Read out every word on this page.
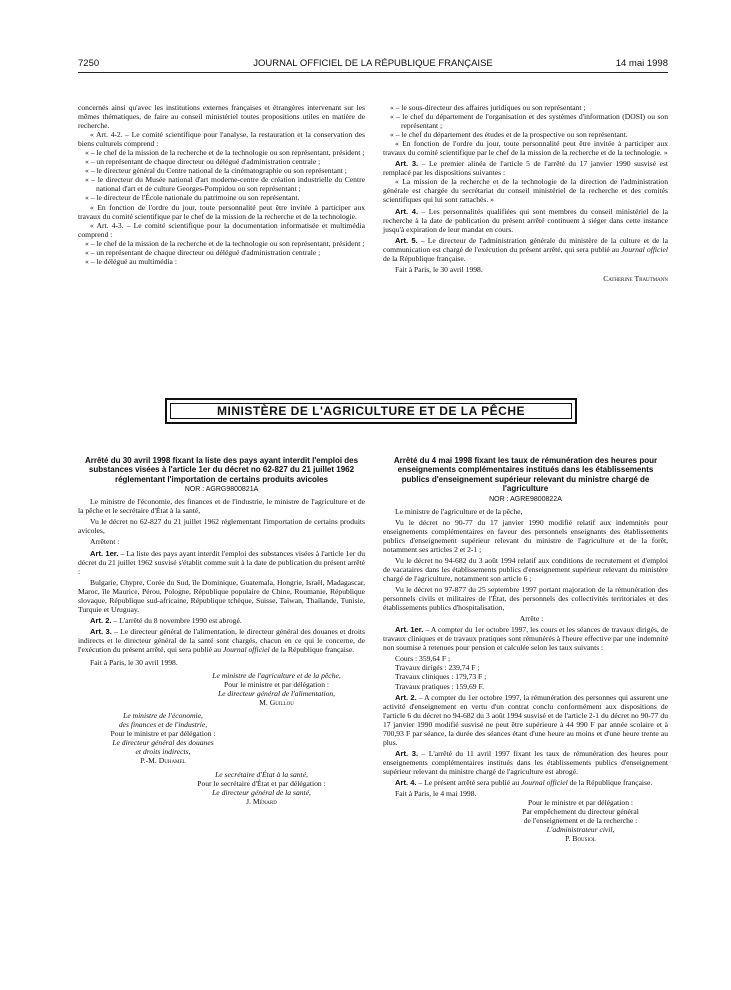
7250	JOURNAL OFFICIEL DE LA RÉPUBLIQUE FRANÇAISE	14 mai 1998

concernés ainsi qu'avec les institutions externes françaises et étrangères intervenant sur les mêmes thématiques, de faire au conseil ministériel toutes propositions utiles en matière de recherche.

« Art. 4-2. – Le comité scientifique pour l'analyse, la restauration et la conservation des biens culturels comprend :

« – le chef de la mission de la recherche et de la technologie ou son représentant, président ;

« – un représentant de chaque directeur ou délégué d'administration centrale ;

« – le directeur général du Centre national de la cinématographie ou son représentant ;

« – le directeur du Musée national d'art moderne-centre de création industrielle du Centre national d'art et de culture Georges-Pompidou ou son représentant ;

« – le directeur de l'École nationale du patrimoine ou son représentant.

« En fonction de l'ordre du jour, toute personnalité peut être invitée à participer aux travaux du comité scientifique par le chef de la mission de la recherche et de la technologie.

« Art. 4-3. – Le comité scientifique pour la documentation informatisée et multimédia comprend :

« – le chef de la mission de la recherche et de la technologie ou son représentant, président ;

« – un représentant de chaque directeur ou délégué d'administration centrale ;

« – le délégué au multimédia :

« – le sous-directeur des affaires juridiques ou son représentant ;

« – le chef du département de l'organisation et des systèmes d'information (DOSI) ou son représentant ;

« – le chef du département des études et de la prospective ou son représentant.

« En fonction de l'ordre du jour, toute personnalité peut être invitée à participer aux travaux du comité scientifique par le chef de la mission de la recherche et de la technologie. »

Art. 3. – Le premier alinéa de l'article 5 de l'arrêté du 17 janvier 1990 susvisé est remplacé par les dispositions suivantes :

« La mission de la recherche et de la technologie de la direction de l'administration générale est chargée du secrétariat du conseil ministériel de la recherche et des comités scientifiques qui lui sont rattachés. »

Art. 4. – Les personnalités qualifiées qui sont membres du conseil ministériel de la recherche à la date de publication du présent arrêté continuent à siéger dans cette instance jusqu'à expiration de leur mandat en cours.

Art. 5. – Le directeur de l'administration générale du ministère de la culture et de la communication est chargé de l'exécution du présent arrêté, qui sera publié au Journal officiel de la République française.

Fait à Paris, le 30 avril 1998.

Catherine Trautmann

MINISTÈRE DE L'AGRICULTURE ET DE LA PÊCHE
Arrêté du 30 avril 1998 fixant la liste des pays ayant interdit l'emploi des substances visées à l'article 1er du décret no 62-827 du 21 juillet 1962 réglementant l'importation de certains produits avicoles
NOR : AGRG9800821A

Le ministre de l'économie, des finances et de l'industrie, le ministre de l'agriculture et de la pêche et le secrétaire d'État à la santé,

Vu le décret no 62-827 du 21 juillet 1962 réglementant l'importation de certains produits avicoles,

Arrêtent :

Art. 1er. – La liste des pays ayant interdit l'emploi des substances visées à l'article 1er du décret du 21 juillet 1962 susvisé s'établit comme suit à la date de publication du présent arrêté :

Bulgarie, Chypre, Corée du Sud, île Dominique, Guatemala, Hongrie, Israël, Madagascar, Maroc, île Maurice, Pérou, Pologne, République populaire de Chine, Roumanie, République slovaque, République sud-africaine, République tchèque, Suisse, Taïwan, Thaïlande, Tunisie, Turquie et Uruguay.

Art. 2. – L'arrêté du 8 novembre 1990 est abrogé.

Art. 3. – Le directeur général de l'alimentation, le directeur général des douanes et droits indirects et le directeur général de la santé sont chargés, chacun en ce qui le concerne, de l'exécution du présent arrêté, qui sera publié au Journal officiel de la République française.

Fait à Paris, le 30 avril 1998.

Le ministre de l'agriculture et de la pêche,

Pour le ministre et par délégation :

Le directeur général de l'alimentation,

M. Guillou

Le ministre de l'économie,

des finances et de l'industrie,

Pour le ministre et par délégation :

Le directeur général des douanes

et droits indirects,

P.-M. Duhamel

Le secrétaire d'État à la santé,

Pour le secrétaire d'État et par délégation :

Le directeur général de la santé,

J. Ménard

Arrêté du 4 mai 1998 fixant les taux de rémunération des heures pour enseignements complémentaires institués dans les établissements publics d'enseignement supérieur relevant du ministre chargé de l'agriculture
NOR : AGRE9800822A

Le ministre de l'agriculture et de la pêche,

Vu le décret no 90-77 du 17 janvier 1990 modifié relatif aux indemnités pour enseignements complémentaires en faveur des personnels enseignants des établissements publics d'enseignement supérieur relevant du ministre de l'agriculture et de la forêt, notamment ses articles 2 et 2-1 ;

Vu le décret no 94-682 du 3 août 1994 relatif aux conditions de recrutement et d'emploi de vacataires dans les établissements publics d'enseignement supérieur relevant du ministère chargé de l'agriculture, notamment son article 6 ;

Vu le décret no 97-877 du 25 septembre 1997 portant majoration de la rémunération des personnels civils et militaires de l'État, des personnels des collectivités territoriales et des établissements publics d'hospitalisation,

Arrête :

Art. 1er. – A compter du 1er octobre 1997, les cours et les séances de travaux dirigés, de travaux cliniques et de travaux pratiques sont rémunérés à l'heure effective par une indemnité non soumise à retenues pour pension et calculée selon les taux suivants :

Cours : 359,64 F ;

Travaux dirigés : 239,74 F ;

Travaux cliniques : 179,73 F ;

Travaux pratiques : 159,69 F.

Art. 2. – A compter du 1er octobre 1997, la rémunération des personnes qui assurent une activité d'enseignement en vertu d'un contrat conclu conformément aux dispositions de l'article 6 du décret no 94-682 du 3 août 1994 susvisé et de l'article 2-1 du décret no 90-77 du 17 janvier 1990 modifié susvisé ne peut être supérieure à 44 990 F par année scolaire et à 700,93 F par séance, la durée des séances étant d'une heure au moins et d'une heure trente au plus.

Art. 3. – L'arrêté du 11 avril 1997 fixant les taux de rémunération des heures pour enseignements complémentaires institués dans les établissements publics d'enseignement supérieur relevant du ministre chargé de l'agriculture est abrogé.

Art. 4. – Le présent arrêté sera publié au Journal officiel de la République française.

Fait à Paris, le 4 mai 1998.

Pour le ministre et par délégation :

Par empêchement du directeur général

de l'enseignement et de la recherche :

L'administrateur civil,

P. Bousiol
